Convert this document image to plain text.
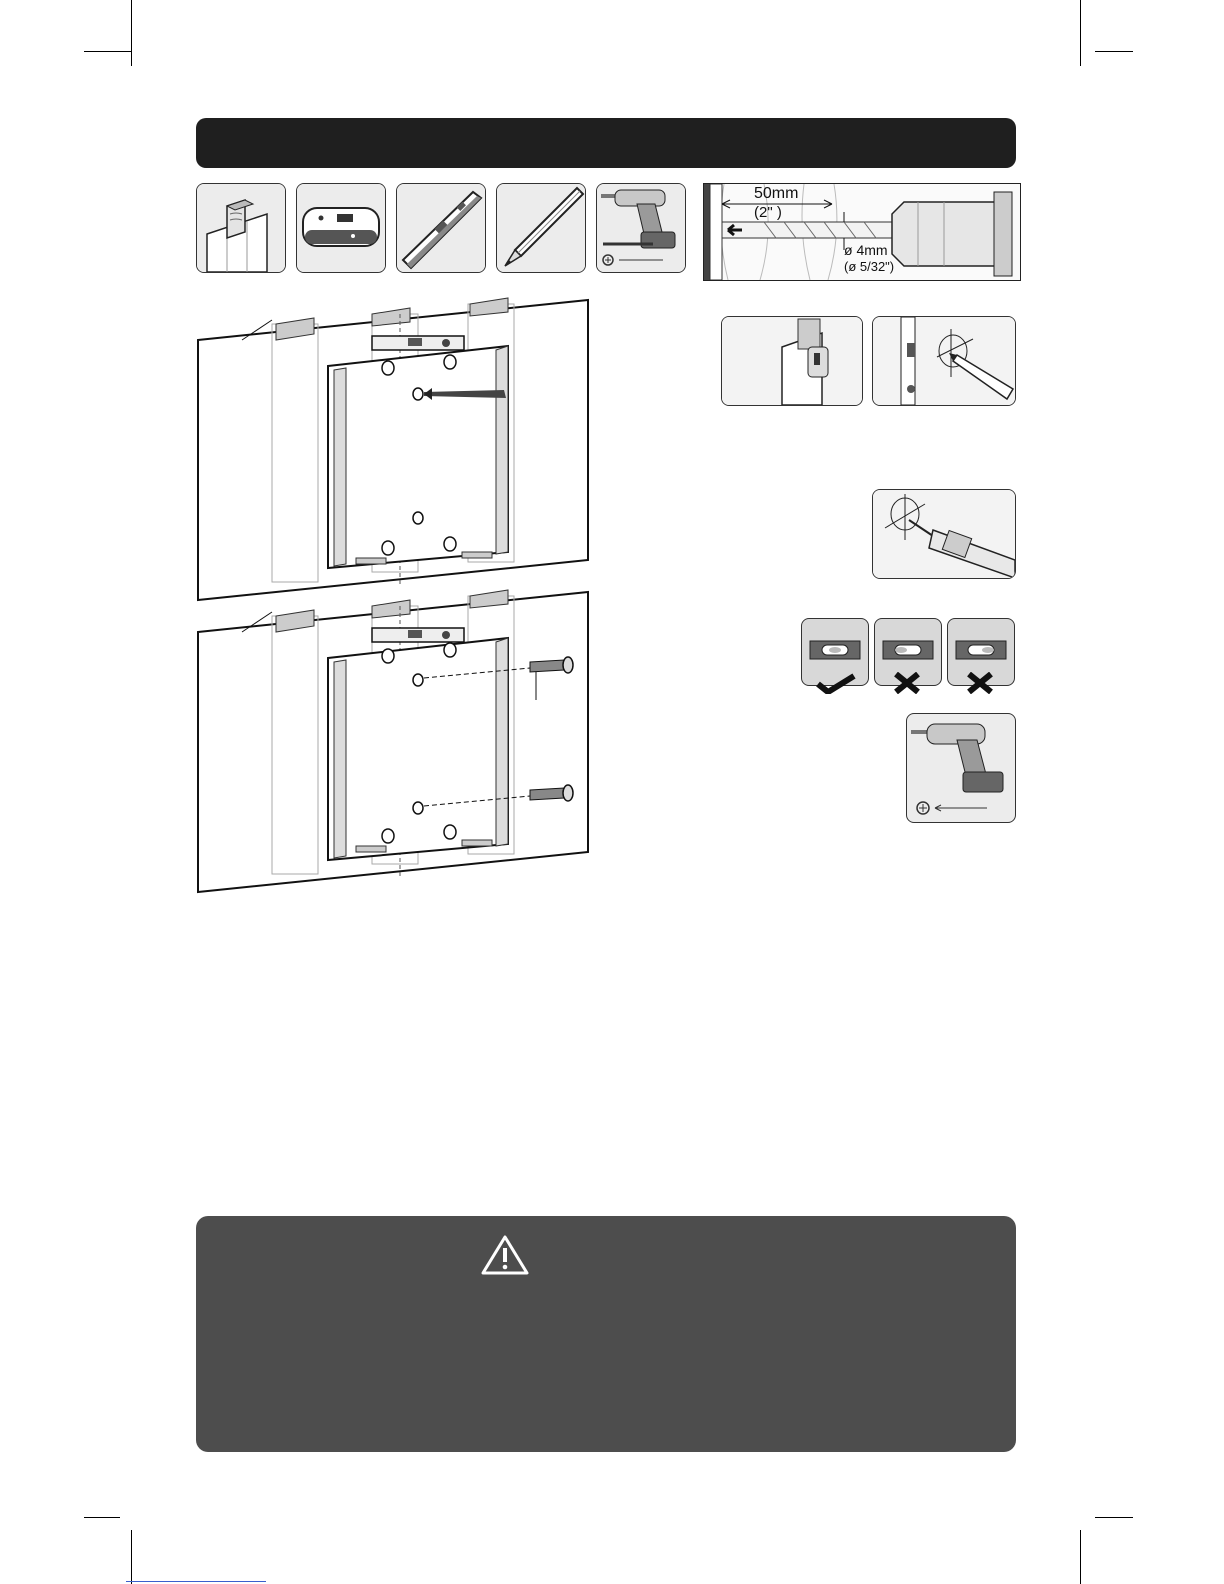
50mm
(2" )
ø 4mm
(ø 5/32")
